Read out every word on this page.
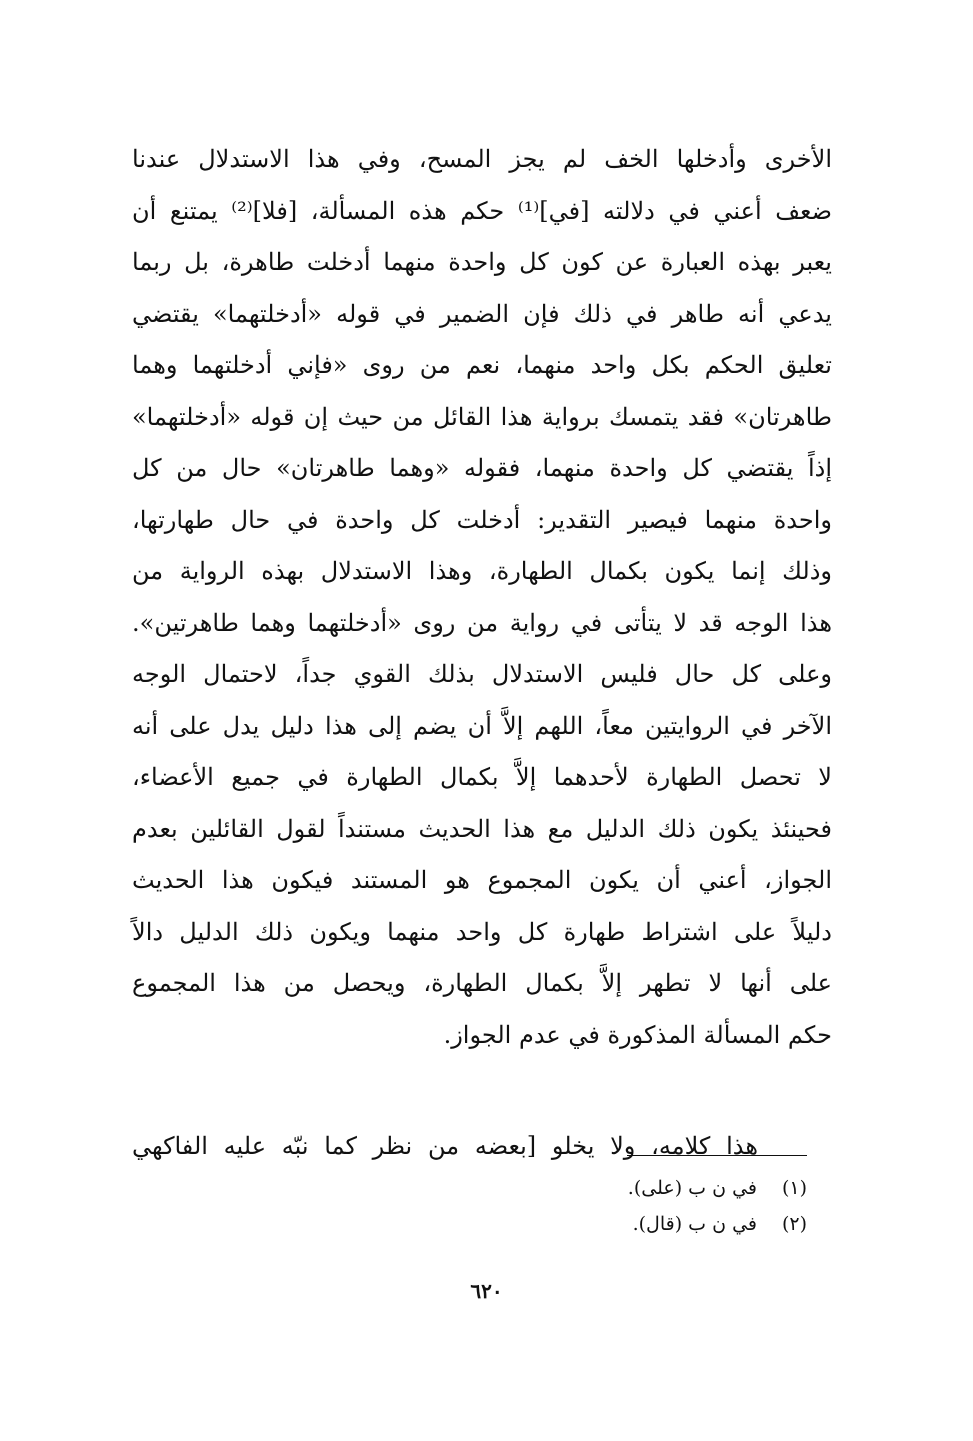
الأخرى وأدخلها الخف لم يجز المسح، وفي هذا الاستدلال عندنا
ضعف أعني في دلالته [في]⁽¹⁾ حكم هذه المسألة، [فلا]⁽²⁾ يمتنع أن
يعبر بهذه العبارة عن كون كل واحدة منهما أدخلت طاهرة، بل ربما
يدعي أنه طاهر في ذلك فإن الضمير في قوله «أدخلتهما» يقتضي
تعليق الحكم بكل واحد منهما، نعم من روى «فإني أدخلتهما وهما
طاهرتان» فقد يتمسك برواية هذا القائل من حيث إن قوله «أدخلتهما»
إذاً يقتضي كل واحدة منهما، فقوله «وهما طاهرتان» حال من كل
واحدة منهما فيصير التقدير: أدخلت كل واحدة في حال طهارتها،
وذلك إنما يكون بكمال الطهارة، وهذا الاستدلال بهذه الرواية من
هذا الوجه قد لا يتأتى في رواية من روى «أدخلتهما وهما طاهرتين».
وعلى كل حال فليس الاستدلال بذلك القوي جداً، لاحتمال الوجه
الآخر في الروايتين معاً، اللهم إلاَّ أن يضم إلى هذا دليل يدل على أنه
لا تحصل الطهارة لأحدهما إلاَّ بكمال الطهارة في جميع الأعضاء،
فحينئذ يكون ذلك الدليل مع هذا الحديث مستنداً لقول القائلين بعدم
الجواز، أعني أن يكون المجموع هو المستند فيكون هذا الحديث
دليلاً على اشتراط طهارة كل واحد منهما ويكون ذلك الدليل دالاً
على أنها لا تطهر إلاَّ بكمال الطهارة، ويحصل من هذا المجموع
حكم المسألة المذكورة في عدم الجواز.
هذا كلامه، ولا يخلو [بعضه من نظر كما نبّه عليه الفاكهي
(١)في ن ب (على).
(٢)في ن ب (قال).
٦٢٠
